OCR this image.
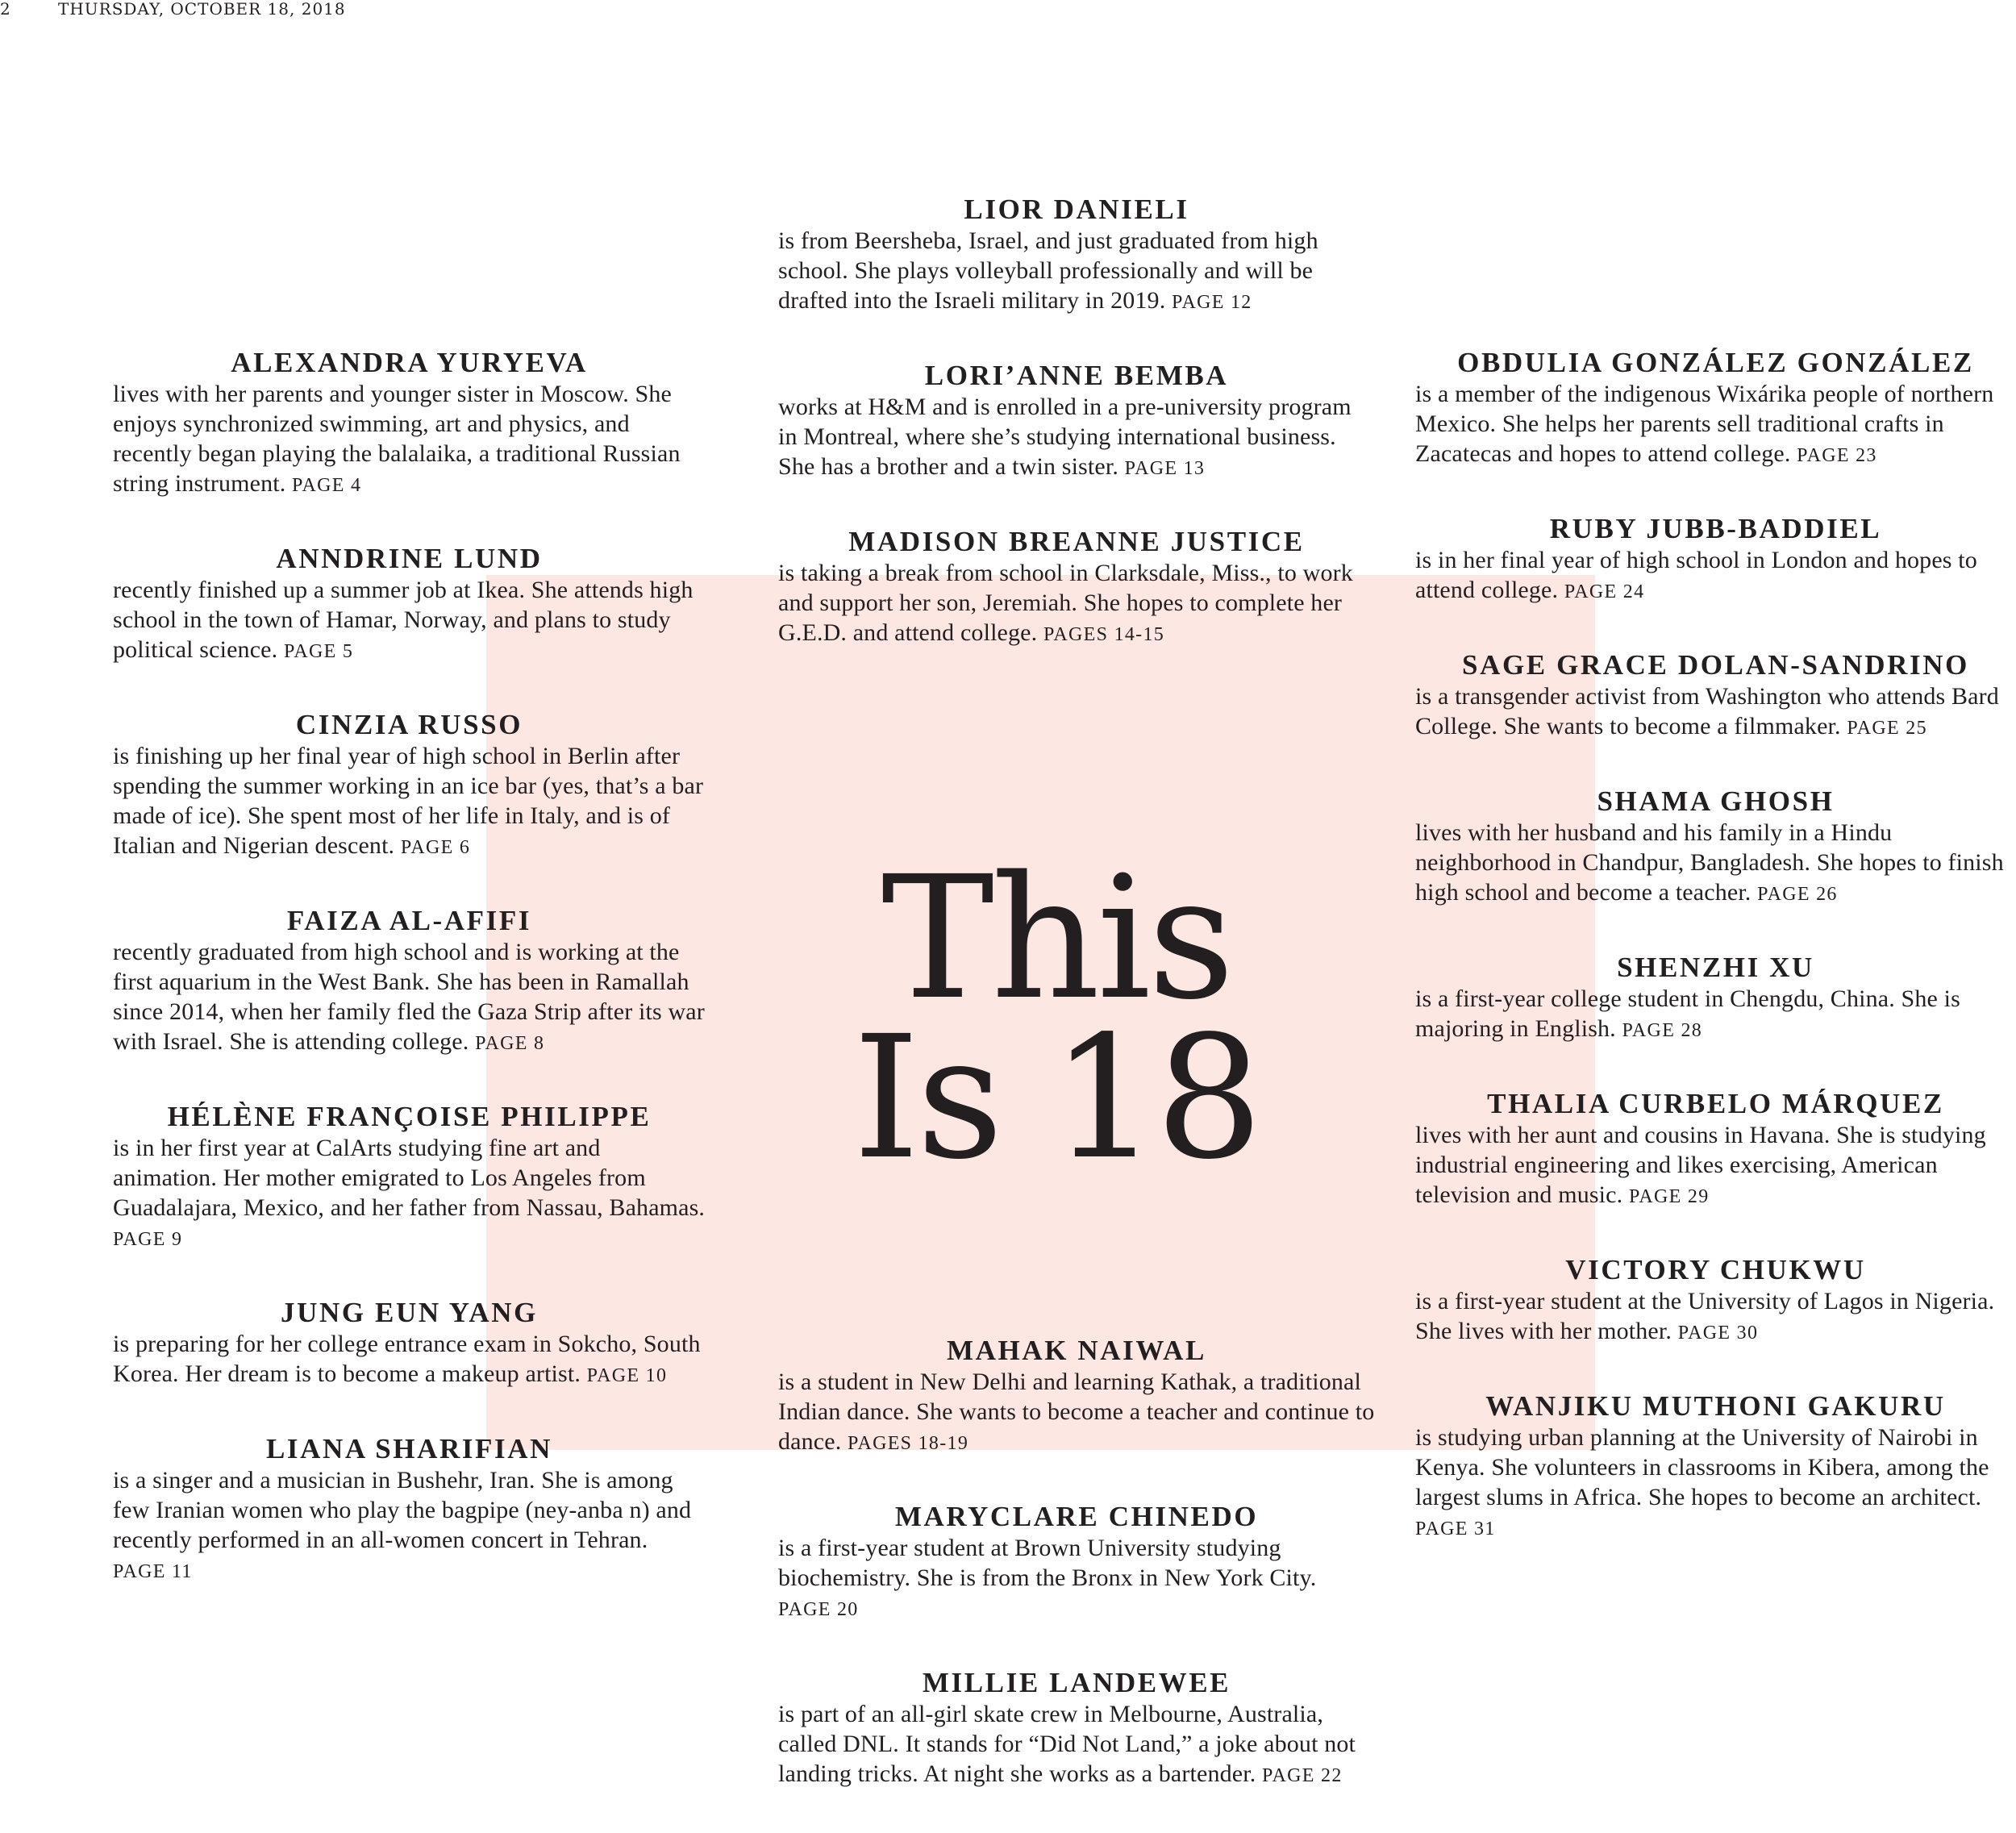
2	THURSDAY, OCTOBER 18, 2018
This
Is 18
ALEXANDRA YURYEVA

lives with her parents and younger sister in Moscow. She enjoys synchronized swimming, art and physics, and recently began playing the balalaika, a traditional Russian string instrument. PAGE 4

ANNDRINE LUND

recently finished up a summer job at Ikea. She attends high school in the town of Hamar, Norway, and plans to study political science. PAGE 5

CINZIA RUSSO

is finishing up her final year of high school in Berlin after spending the summer working in an ice bar (yes, that’s a bar made of ice). She spent most of her life in Italy, and is of Italian and Nigerian descent. PAGE 6

FAIZA AL-AFIFI

recently graduated from high school and is working at the first aquarium in the West Bank. She has been in Ramallah since 2014, when her family fled the Gaza Strip after its war with Israel. She is attending college. PAGE 8

HÉLÈNE FRANÇOISE PHILIPPE

is in her first year at CalArts studying fine art and animation. Her mother emigrated to Los Angeles from Guadalajara, Mexico, and her father from Nassau, Bahamas. PAGE 9

JUNG EUN YANG

is preparing for her college entrance exam in Sokcho, South Korea. Her dream is to become a makeup artist. PAGE 10

LIANA SHARIFIAN

is a singer and a musician in Bushehr, Iran. She is among few Iranian women who play the bagpipe (ney-anba n) and recently performed in an all-women concert in Tehran. PAGE 11

LIOR DANIELI

is from Beersheba, Israel, and just graduated from high school. She plays volleyball professionally and will be drafted into the Israeli military in 2019. PAGE 12

LORI’ANNE BEMBA

works at H&M and is enrolled in a pre-university program in Montreal, where she’s studying international business. She has a brother and a twin sister. PAGE 13

MADISON BREANNE JUSTICE

is taking a break from school in Clarksdale, Miss., to work and support her son, Jeremiah. She hopes to complete her G.E.D. and attend college. PAGES 14-15

MAHAK NAIWAL

is a student in New Delhi and learning Kathak, a traditional Indian dance. She wants to become a teacher and continue to dance. PAGES 18-19

MARYCLARE CHINEDO

is a first-year student at Brown University studying biochemistry. She is from the Bronx in New York City. PAGE 20

MILLIE LANDEWEE

is part of an all-girl skate crew in Melbourne, Australia, called DNL. It stands for “Did Not Land,” a joke about not landing tricks. At night she works as a bartender. PAGE 22

OBDULIA GONZÁLEZ GONZÁLEZ

is a member of the indigenous Wixárika people of northern Mexico. She helps her parents sell traditional crafts in Zacatecas and hopes to attend college. PAGE 23

RUBY JUBB-BADDIEL

is in her final year of high school in London and hopes to attend college. PAGE 24

SAGE GRACE DOLAN-SANDRINO

is a transgender activist from Washington who attends Bard College. She wants to become a filmmaker. PAGE 25

SHAMA GHOSH

lives with her husband and his family in a Hindu neighborhood in Chandpur, Bangladesh. She hopes to finish high school and become a teacher. PAGE 26

SHENZHI XU

is a first-year college student in Chengdu, China. She is majoring in English. PAGE 28

THALIA CURBELO MÁRQUEZ

lives with her aunt and cousins in Havana. She is studying industrial engineering and likes exercising, American television and music. PAGE 29

VICTORY CHUKWU

is a first-year student at the University of Lagos in Nigeria. She lives with her mother. PAGE 30

WANJIKU MUTHONI GAKURU

is studying urban planning at the University of Nairobi in Kenya. She volunteers in classrooms in Kibera, among the largest slums in Africa. She hopes to become an architect. PAGE 31
